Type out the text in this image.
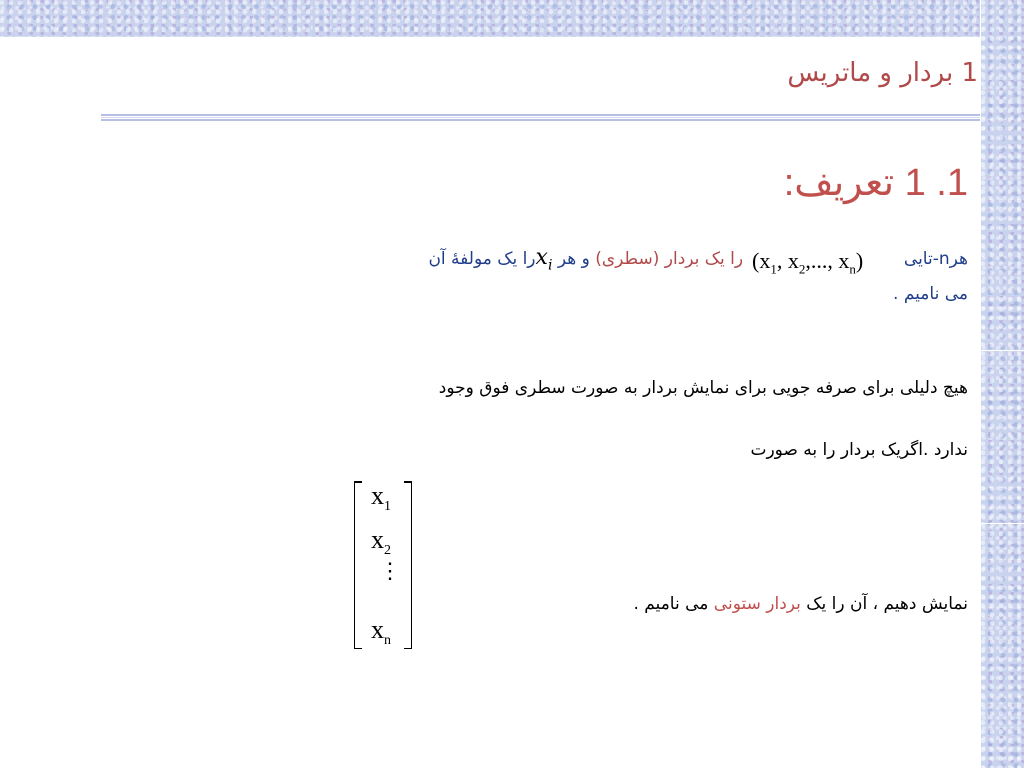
1 بردار و ماتریس
1. 1 تعریف:
هرn-تایی  را یک بردار (سطری) و هر $x_iرا$ یک مولفۀ آن	($x_1$, $x_2$,..., $x_n$)
می نامیم .
هیچ دلیلی برای صرفه جویی برای نمایش بردار به صورت سطری فوق وجود
ندارد .اگریک بردار را به صورت
نمایش دهیم ، آن را یک بردار ستونی می نامیم .
$x_1$
$x_2$
⋮
$x_n$
